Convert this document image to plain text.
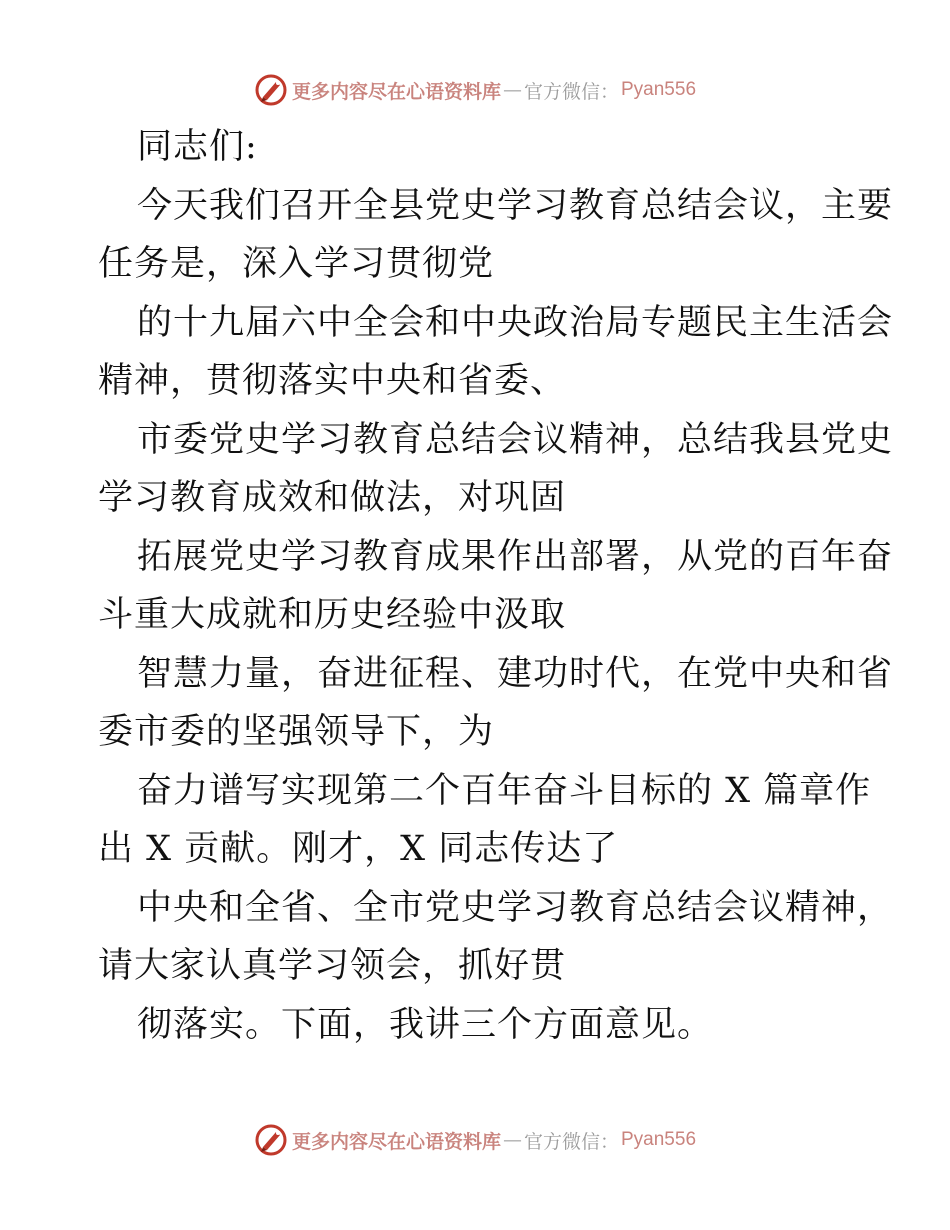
更多内容尽在心语资料库 — 官方微信： Pyan556
同志们:
今天我们召开全县党史学习教育总结会议，主要
任务是，深入学习贯彻党
的十九届六中全会和中央政治局专题民主生活会
精神，贯彻落实中央和省委、
市委党史学习教育总结会议精神，总结我县党史
学习教育成效和做法，对巩固
拓展党史学习教育成果作出部署，从党的百年奋
斗重大成就和历史经验中汲取
智慧力量，奋进征程、建功时代，在党中央和省
委市委的坚强领导下，为
奋力谱写实现第二个百年奋斗目标的 X 篇章作
出 X 贡献。刚才，X 同志传达了
中央和全省、全市党史学习教育总结会议精神，
请大家认真学习领会，抓好贯
彻落实。下面，我讲三个方面意见。
更多内容尽在心语资料库 — 官方微信： Pyan556
